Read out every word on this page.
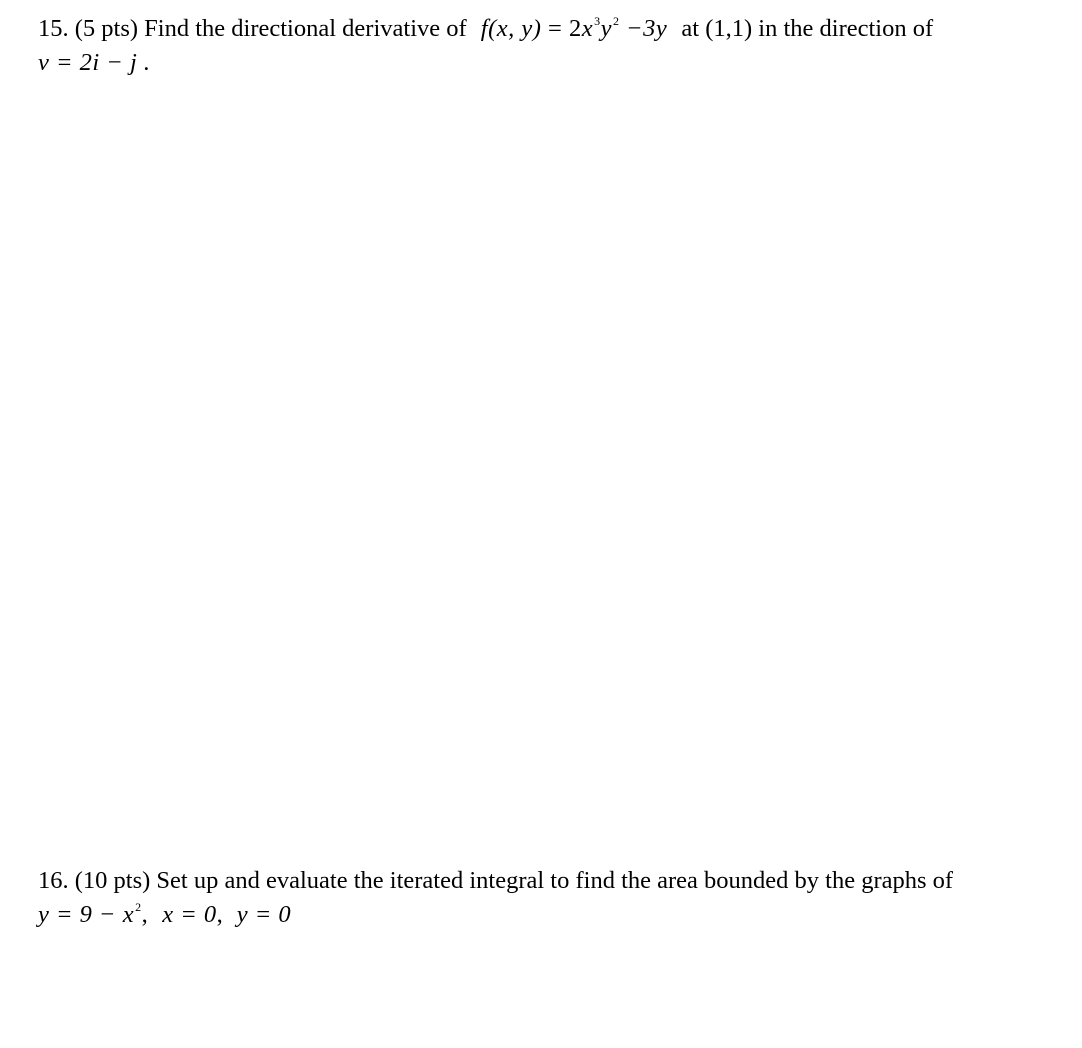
15. (5 pts) Find the directional derivative of f(x, $y) = 2x^3y^2 -3y$ at (1,1) in the direction of
v = 2i − j .
16. (10 pts) Set up and evaluate the iterated integral to find the area bounded by the graphs of
$y = 9 - x^2$, x = 0, y = 0
